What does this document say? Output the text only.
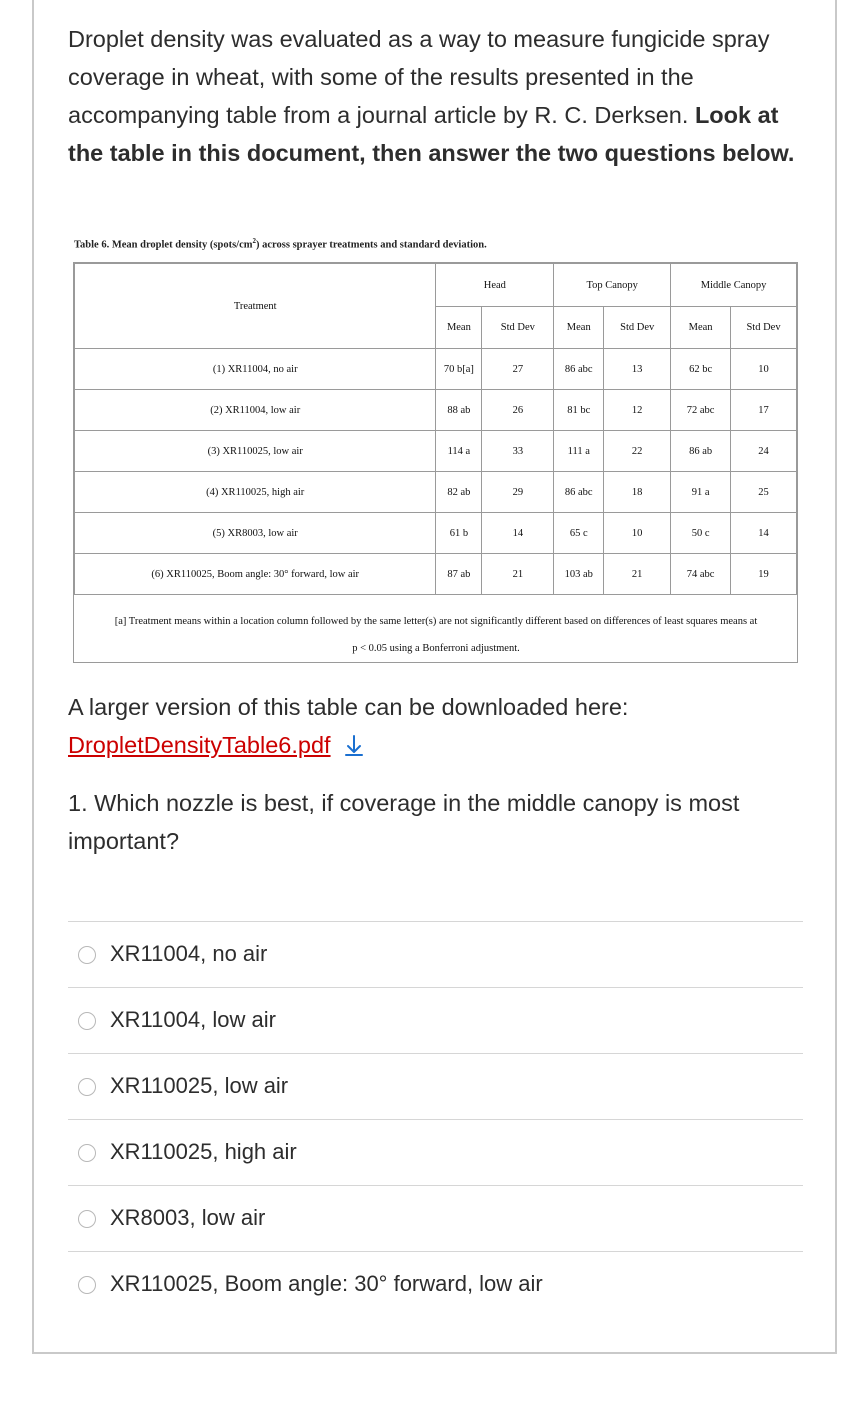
Droplet density was evaluated as a way to measure fungicide spray coverage in wheat, with some of the results presented in the accompanying table from a journal article by R. C. Derksen. Look at the table in this document, then answer the two questions below.
Table 6. Mean droplet density $(spots/cm^2)$ across sprayer treatments and standard deviation.
Treatment	Head		Top Canopy		Middle Canopy	
	Mean	Std Dev	Mean	Std Dev	Mean	Std Dev
(1) XR11004, no air	70 b[a]	27	86 abc	13	62 bc	10
(2) XR11004, low air	88 ab	26	81 bc	12	72 abc	17
(3) XR110025, low air	114 a	33	111 a	22	86 ab	24
(4) XR110025, high air	82 ab	29	86 abc	18	91 a	25
(5) XR8003, low air	61 b	14	65 c	10	50 c	14
(6) XR110025, Boom angle: 30° forward, low air	87 ab	21	103 ab	21	74 abc	19
[a] Treatment means within a location column followed by the same letter(s) are not significantly different based on differences of least squares means at
p < 0.05 using a Bonferroni adjustment.
A larger version of this table can be downloaded here: DropletDensityTable6.pdf
1. Which nozzle is best, if coverage in the middle canopy is most important?
XR11004, no air
XR11004, low air
XR110025, low air
XR110025, high air
XR8003, low air
XR110025, Boom angle: 30° forward, low air
